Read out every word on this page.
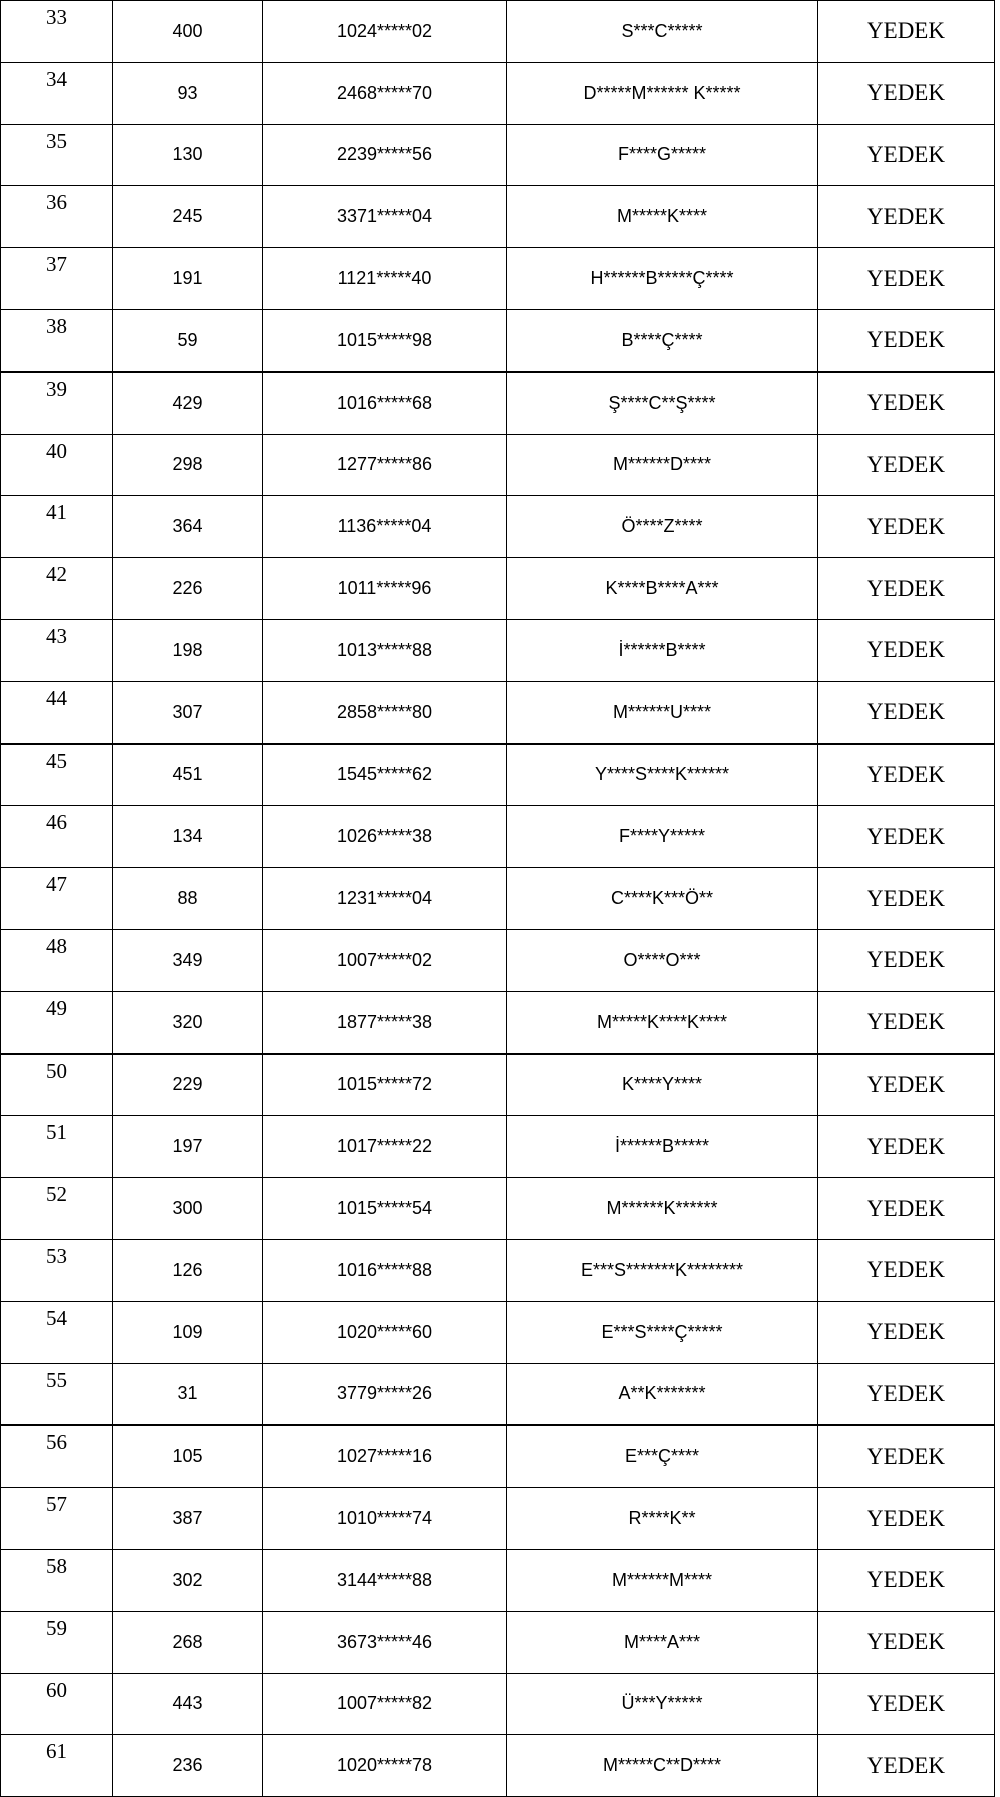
33	400	1024*****02	S***C*****	YEDEK
34	93	2468*****70	D*****M****** K*****	YEDEK
35	130	2239*****56	F****G*****	YEDEK
36	245	3371*****04	M*****K****	YEDEK
37	191	1121*****40	H******B*****Ç****	YEDEK
38	59	1015*****98	B****Ç****	YEDEK
39	429	1016*****68	Ş****C**Ş****	YEDEK
40	298	1277*****86	M******D****	YEDEK
41	364	1136*****04	Ö****Z****	YEDEK
42	226	1011*****96	K****B****A***	YEDEK
43	198	1013*****88	İ******B****	YEDEK
44	307	2858*****80	M******U****	YEDEK
45	451	1545*****62	Y****S****K******	YEDEK
46	134	1026*****38	F****Y*****	YEDEK
47	88	1231*****04	C****K***Ö**	YEDEK
48	349	1007*****02	O****O***	YEDEK
49	320	1877*****38	M*****K****K****	YEDEK
50	229	1015*****72	K****Y****	YEDEK
51	197	1017*****22	İ******B*****	YEDEK
52	300	1015*****54	M******K******	YEDEK
53	126	1016*****88	E***S*******K********	YEDEK
54	109	1020*****60	E***S****Ç*****	YEDEK
55	31	3779*****26	A**K*******	YEDEK
56	105	1027*****16	E***Ç****	YEDEK
57	387	1010*****74	R****K**	YEDEK
58	302	3144*****88	M******M****	YEDEK
59	268	3673*****46	M****A***	YEDEK
60	443	1007*****82	Ü***Y*****	YEDEK
61	236	1020*****78	M*****C**D****	YEDEK
